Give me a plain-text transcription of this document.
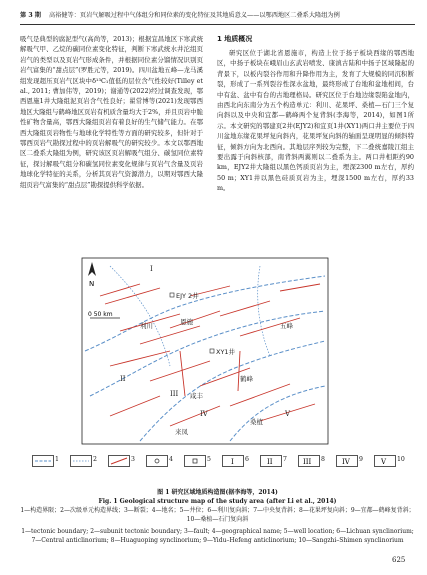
第 3 期 高裕健等：页岩气解吸过程中气体组分和同位素的变化特征及其地质意义——以鄂西地区二叠系大隆组为例

吸气是典型的腐泥型气(高尚等，2013)；根据宜昌地区下寒武统解吸气甲、乙烷的碳同位素变化特征，判断下寒武统水井沱组页岩气的类型以及页岩气形成条件，并根据同位素分馏情况识别页岩气富集的“甜点层”(罗胜元等，2019)。四川盆地五峰—龙马溪组发现超压页岩气区块中δ¹³C₁值低的层位含气性较好(Tilley et al., 2011; 曹加伟等，2019)；谢通等(2022)经过调查发现，鄂西恩施1井大隆组泥页岩含气性良好；翟常博等(2021)发现鄂西地区大隆组与鹤峰地区页岩有机质含量均大于2%，并且页岩中脆性矿物含量高，鄂西大隆组页岩有着良好的生气储气能力。在鄂西大隆组页岩物性与地球化学特性等方面的研究较多，但针对于鄂西页岩气勘探过程中的页岩解吸气的研究较少。本文以鄂西地区二叠系大隆组为例，研究该区页岩解吸气组分、碳氢同位素特征，探讨解吸气组分和碳氢同位素变化规律与页岩气含量及页岩地球化学特征的关系，分析其页岩气资源潜力，以期对鄂西大隆组页岩气富集的“甜点层”勘探提供科学依据。

1 地质概况

研究区位于湖北省恩施市，构造上位于扬子板块西缘的鄂西地区，中扬子板块在峨眉山玄武岩喷发、康滇古陆和中扬子区域隆起的背景下，以板内裂谷作用和升降作用为主，发育了大规模的同沉积断裂，形成了一系列裂谷性深水盆地，最终形成了台地和盆地相间，台中有盆、盆中有台的古地理格局。研究区位于台地边缘裂陷盆地内，由西北向东南分为五个构造单元：利川、花果坪、桑植—石门三个复向斜以及中央和宜都—鹤峰两个复背斜(李海等，2014)，如图1所示。本文研究的鄂建页2井(EJY2)和宜页1井(XY1)两口井主要位于四川盆地东缘花果坪复向斜内，花果坪复向斜的轴面呈现明显的倾斜特征，倾斜方向为北西向。其地层序列较为完整，下二叠统嘉陵江组主要出露于向斜核部，南背斜两翼则以二叠系为主。两口井相距约90 km，EJY2井大隆组以黑色钙质页岩为主，埋深2300 m左右，厚约50 m；XY1井以黑色硅质页岩为主，埋深1500 m左右，厚约33 m。

N
0 50 km
利川
EJY 2井
恩施	五峰
XY1井
鹤峰
咸丰
桑植
来凤
I
II
III
IV	V
1	2	3	4	5	I 6	II 7 III 8 IV 9	V 10
图 1 研究区域地质构造图(据李海等，2014)
Fig. 1 Geological structure map of the study area (after Li et al., 2014)
1—构造界限；2—次级单元构造界线；3—断裂；4—地名；5—井位；6—利川复向斜；7—中央复背斜；8—花果坪复向斜；9—宜都—鹤峰复背斜；10—桑植—石门复向斜
1—tectonic boundary; 2—subunit tectonic boundary; 3—fault; 4—geographical name; 5—well location; 6—Lichuan synclinorium; 7—Central anticlinorium; 8—Huaguoping synclinorium; 9—Yidu–Hefeng anticlinorium; 10—Sangzhi–Shimen synclinorium
625
